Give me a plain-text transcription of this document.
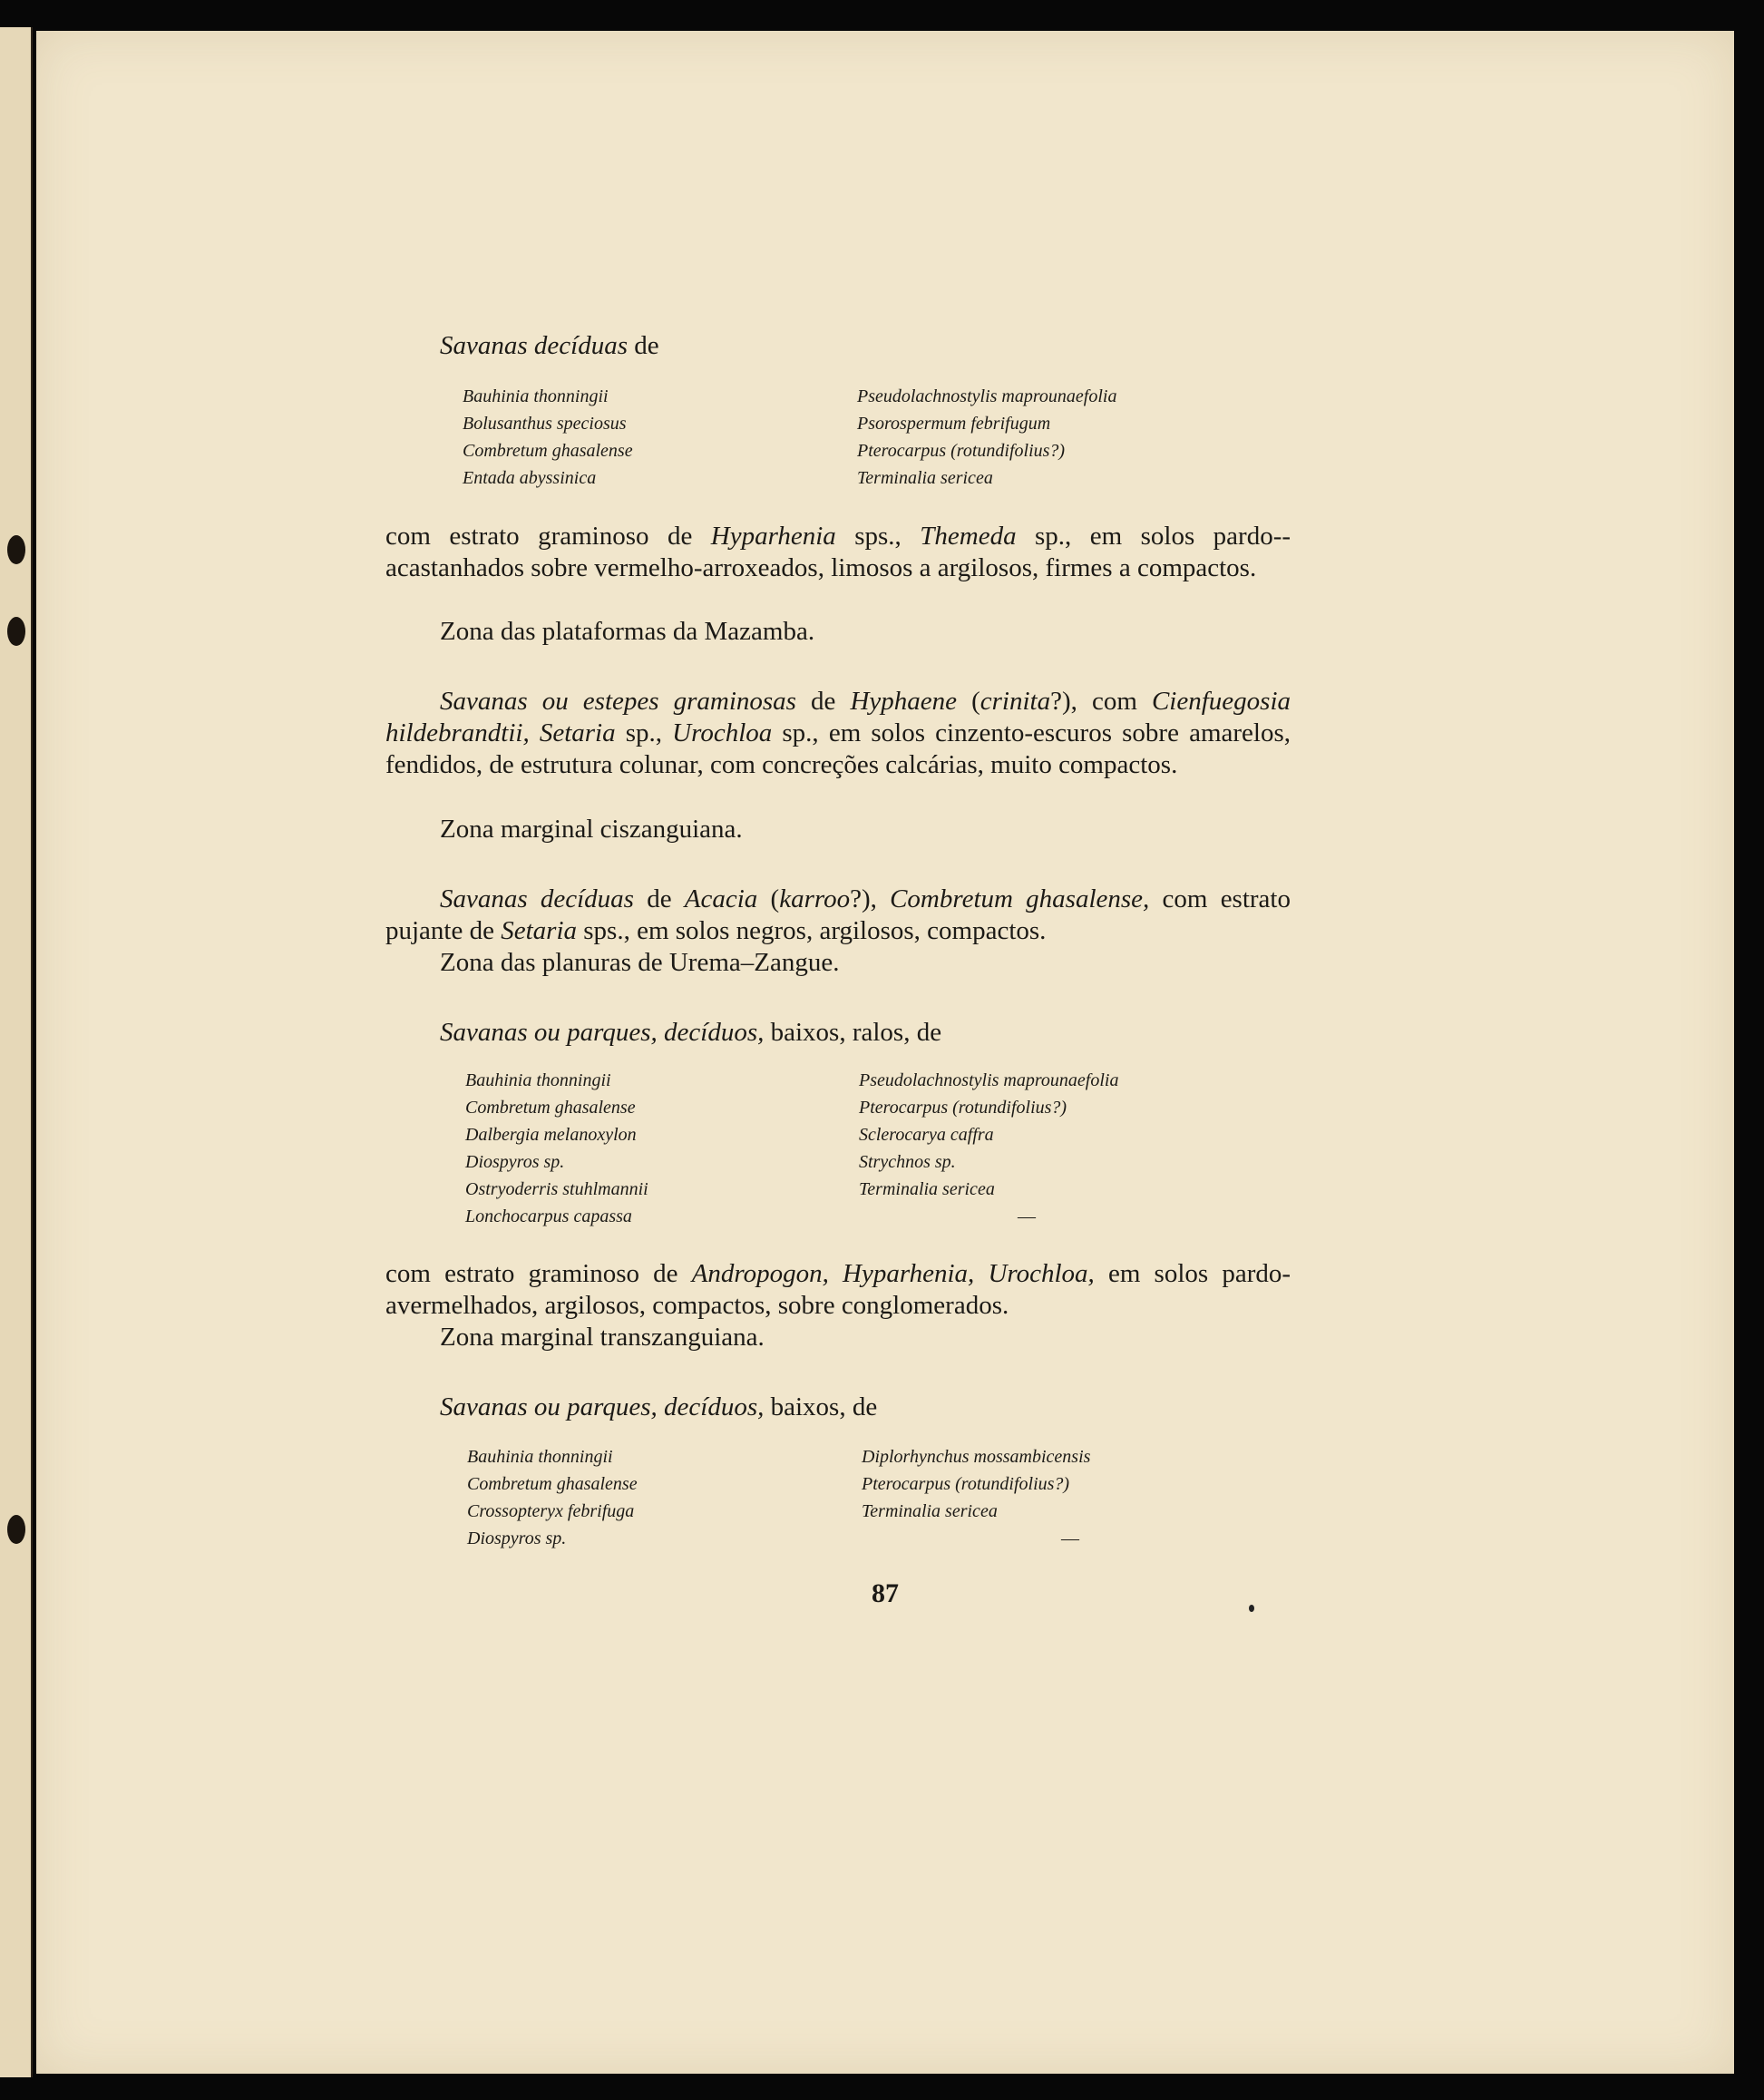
Savanas decíduas de
Bauhinia thonningii
Bolusanthus speciosus
Combretum ghasalense
Entada abyssinica
Pseudolachnostylis maprounaefolia
Psorospermum febrifugum
Pterocarpus (rotundifolius?)
Terminalia sericea
com estrato graminoso de Hyparhenia sps., Themeda sp., em solos pardo--acastanhados sobre vermelho-arroxeados, limosos a argilosos, firmes a compactos.
Zona das plataformas da Mazamba.
Savanas ou estepes graminosas de Hyphaene (crinita?), com Cienfuegosia hildebrandtii, Setaria sp., Urochloa sp., em solos cinzento-escuros sobre amarelos, fendidos, de estrutura colunar, com concreções calcárias, muito compactos.
Zona marginal ciszanguiana.
Savanas decíduas de Acacia (karroo?), Combretum ghasalense, com estrato pujante de Setaria sps., em solos negros, argilosos, compactos.
Zona das planuras de Urema–Zangue.
Savanas ou parques, decíduos, baixos, ralos, de
Bauhinia thonningii
Combretum ghasalense
Dalbergia melanoxylon
Diospyros sp.
Ostryoderris stuhlmannii
Lonchocarpus capassa
Pseudolachnostylis maprounaefolia
Pterocarpus (rotundifolius?)
Sclerocarya caffra
Strychnos sp.
Terminalia sericea
—
com estrato graminoso de Andropogon, Hyparhenia, Urochloa, em solos pardo-avermelhados, argilosos, compactos, sobre conglomerados.
Zona marginal transzanguiana.
Savanas ou parques, decíduos, baixos, de
Bauhinia thonningii
Combretum ghasalense
Crossopteryx febrifuga
Diospyros sp.
Diplorhynchus mossambicensis
Pterocarpus (rotundifolius?)
Terminalia sericea
—
87
